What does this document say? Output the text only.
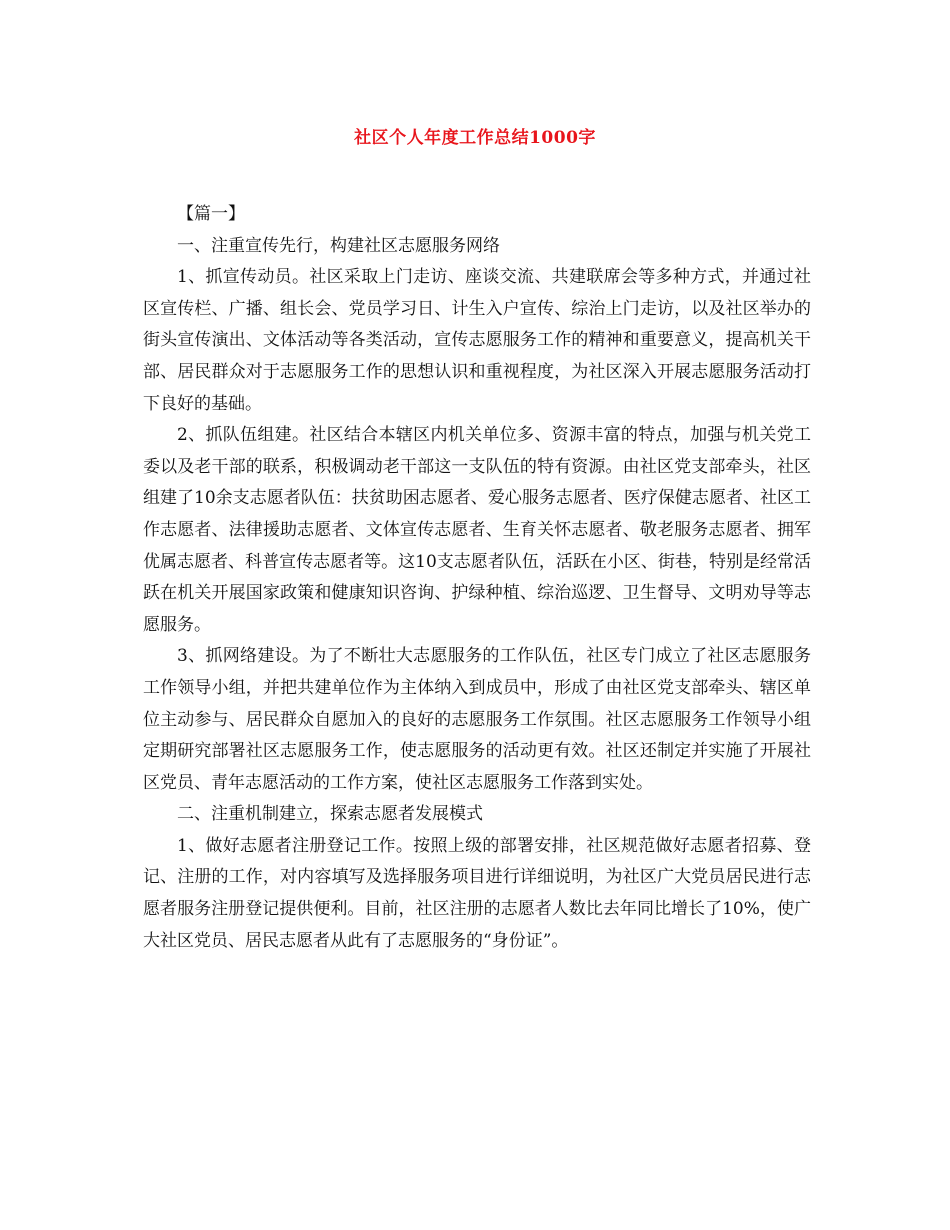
社区个人年度工作总结1000字

【篇一】

一、注重宣传先行，构建社区志愿服务网络

1、抓宣传动员。社区采取上门走访、座谈交流、共建联席会等多种方式，并通过社区宣传栏、广播、组长会、党员学习日、计生入户宣传、综治上门走访，以及社区举办的街头宣传演出、文体活动等各类活动，宣传志愿服务工作的精神和重要意义，提高机关干部、居民群众对于志愿服务工作的思想认识和重视程度，为社区深入开展志愿服务活动打下良好的基础。

2、抓队伍组建。社区结合本辖区内机关单位多、资源丰富的特点，加强与机关党工委以及老干部的联系，积极调动老干部这一支队伍的特有资源。由社区党支部牵头，社区组建了10余支志愿者队伍：扶贫助困志愿者、爱心服务志愿者、医疗保健志愿者、社区工作志愿者、法律援助志愿者、文体宣传志愿者、生育关怀志愿者、敬老服务志愿者、拥军优属志愿者、科普宣传志愿者等。这10支志愿者队伍，活跃在小区、街巷，特别是经常活跃在机关开展国家政策和健康知识咨询、护绿种植、综治巡逻、卫生督导、文明劝导等志愿服务。

3、抓网络建设。为了不断壮大志愿服务的工作队伍，社区专门成立了社区志愿服务工作领导小组，并把共建单位作为主体纳入到成员中，形成了由社区党支部牵头、辖区单位主动参与、居民群众自愿加入的良好的志愿服务工作氛围。社区志愿服务工作领导小组定期研究部署社区志愿服务工作，使志愿服务的活动更有效。社区还制定并实施了开展社区党员、青年志愿活动的工作方案，使社区志愿服务工作落到实处。

二、注重机制建立，探索志愿者发展模式

1、做好志愿者注册登记工作。按照上级的部署安排，社区规范做好志愿者招募、登记、注册的工作，对内容填写及选择服务项目进行详细说明，为社区广大党员居民进行志愿者服务注册登记提供便利。目前，社区注册的志愿者人数比去年同比增长了10%，使广大社区党员、居民志愿者从此有了志愿服务的“身份证”。
